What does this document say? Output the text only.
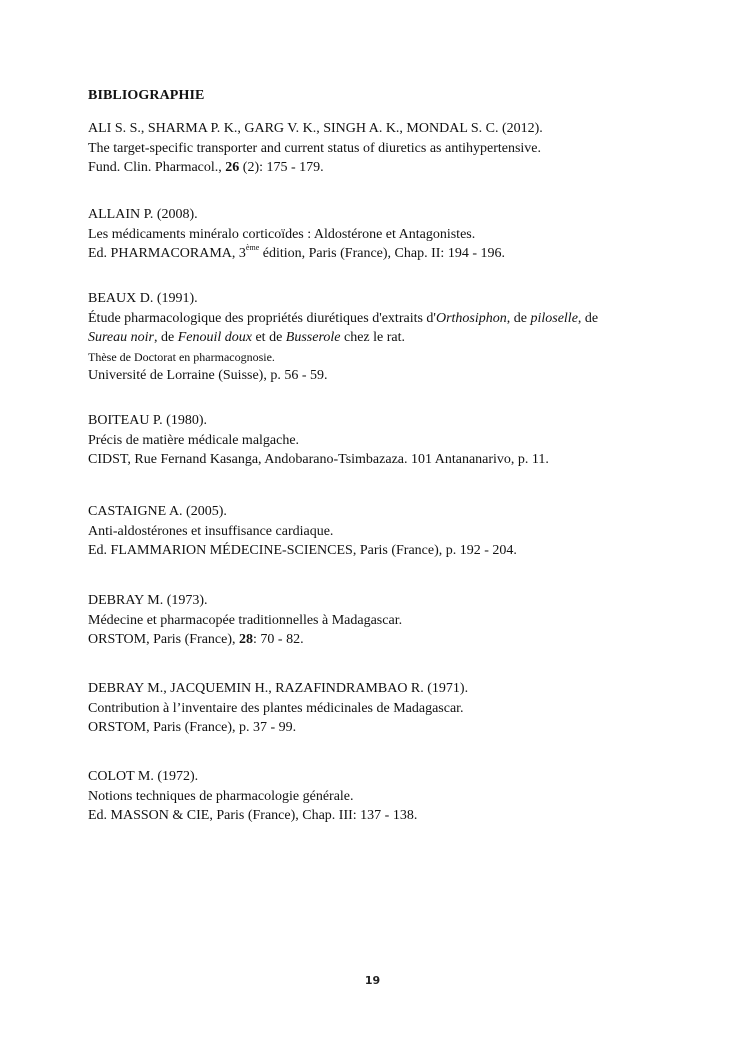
BIBLIOGRAPHIE
ALI S. S., SHARMA P. K., GARG V. K., SINGH A. K., MONDAL S. C. (2012).
The target-specific transporter and current status of diuretics as antihypertensive.
Fund. Clin. Pharmacol., 26 (2): 175 - 179.
ALLAIN P. (2008).
Les médicaments minéralo corticoïdes : Aldostérone et Antagonistes.
Ed. PHARMACORAMA, 3ème édition, Paris (France), Chap. II: 194 - 196.
BEAUX D. (1991).
Étude pharmacologique des propriétés diurétiques d'extraits d'Orthosiphon, de piloselle, de
Sureau noir, de Fenouil doux et de Busserole chez le rat.
Thèse de Doctorat en pharmacognosie.
Université de Lorraine (Suisse), p. 56 - 59.
BOITEAU P. (1980).
Précis de matière médicale malgache.
CIDST, Rue Fernand Kasanga, Andobarano-Tsimbazaza. 101 Antananarivo, p. 11.
CASTAIGNE A. (2005).
Anti-aldostérones et insuffisance cardiaque.
Ed. FLAMMARION MÉDECINE-SCIENCES, Paris (France), p. 192 - 204.
DEBRAY M. (1973).
Médecine et pharmacopée traditionnelles à Madagascar.
ORSTOM, Paris (France), 28: 70 - 82.
DEBRAY M., JACQUEMIN H., RAZAFINDRAMBAO R. (1971).
Contribution à l’inventaire des plantes médicinales de Madagascar.
ORSTOM, Paris (France), p. 37 - 99.
COLOT M. (1972).
Notions techniques de pharmacologie générale.
Ed. MASSON & CIE, Paris (France), Chap. III: 137 - 138.
19
